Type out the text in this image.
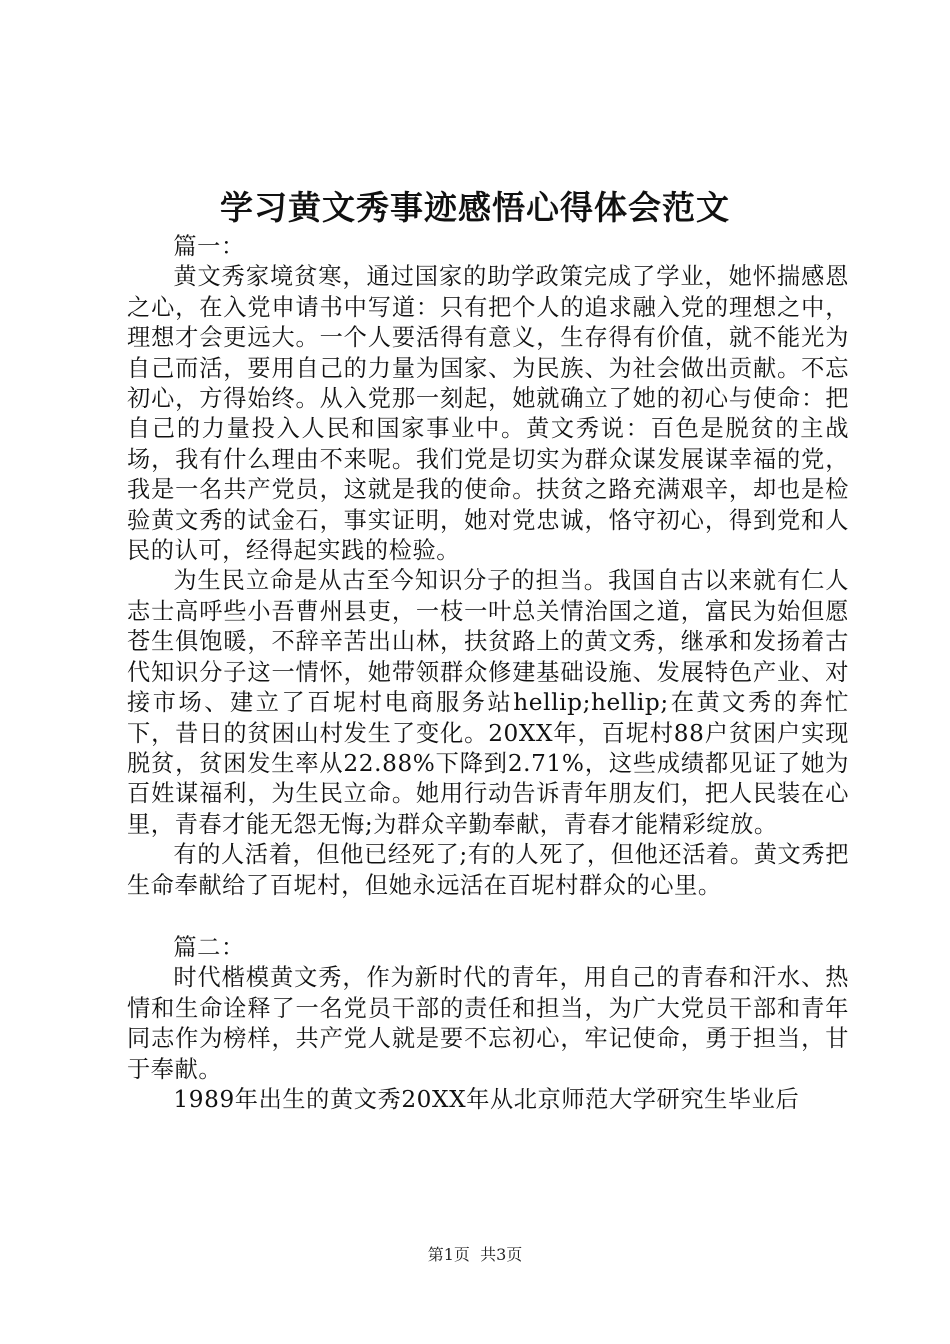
学习黄文秀事迹感悟心得体会范文

篇一：

黄文秀家境贫寒，通过国家的助学政策完成了学业，她怀揣感恩之心，在入党申请书中写道：只有把个人的追求融入党的理想之中，理想才会更远大。一个人要活得有意义，生存得有价值，就不能光为自己而活，要用自己的力量为国家、为民族、为社会做出贡献。不忘初心，方得始终。从入党那一刻起，她就确立了她的初心与使命：把自己的力量投入人民和国家事业中。黄文秀说：百色是脱贫的主战场，我有什么理由不来呢。我们党是切实为群众谋发展谋幸福的党，我是一名共产党员，这就是我的使命。扶贫之路充满艰辛，却也是检验黄文秀的试金石，事实证明，她对党忠诚，恪守初心，得到党和人民的认可，经得起实践的检验。

为生民立命是从古至今知识分子的担当。我国自古以来就有仁人志士高呼些小吾曹州县吏，一枝一叶总关情治国之道，富民为始但愿苍生俱饱暖，不辞辛苦出山林，扶贫路上的黄文秀，继承和发扬着古代知识分子这一情怀，她带领群众修建基础设施、发展特色产业、对接市场、建立了百坭村电商服务站hellip;hellip;在黄文秀的奔忙下，昔日的贫困山村发生了变化。20XX年，百坭村88户贫困户实现脱贫，贫困发生率从22.88%下降到2.71%，这些成绩都见证了她为百姓谋福利，为生民立命。她用行动告诉青年朋友们，把人民装在心里，青春才能无怨无悔;为群众辛勤奉献，青春才能精彩绽放。

有的人活着，但他已经死了;有的人死了，但他还活着。黄文秀把生命奉献给了百坭村，但她永远活在百坭村群众的心里。

篇二：

时代楷模黄文秀，作为新时代的青年，用自己的青春和汗水、热情和生命诠释了一名党员干部的责任和担当，为广大党员干部和青年同志作为榜样，共产党人就是要不忘初心，牢记使命，勇于担当，甘于奉献。

1989年出生的黄文秀20XX年从北京师范大学研究生毕业后

第1页 共3页
